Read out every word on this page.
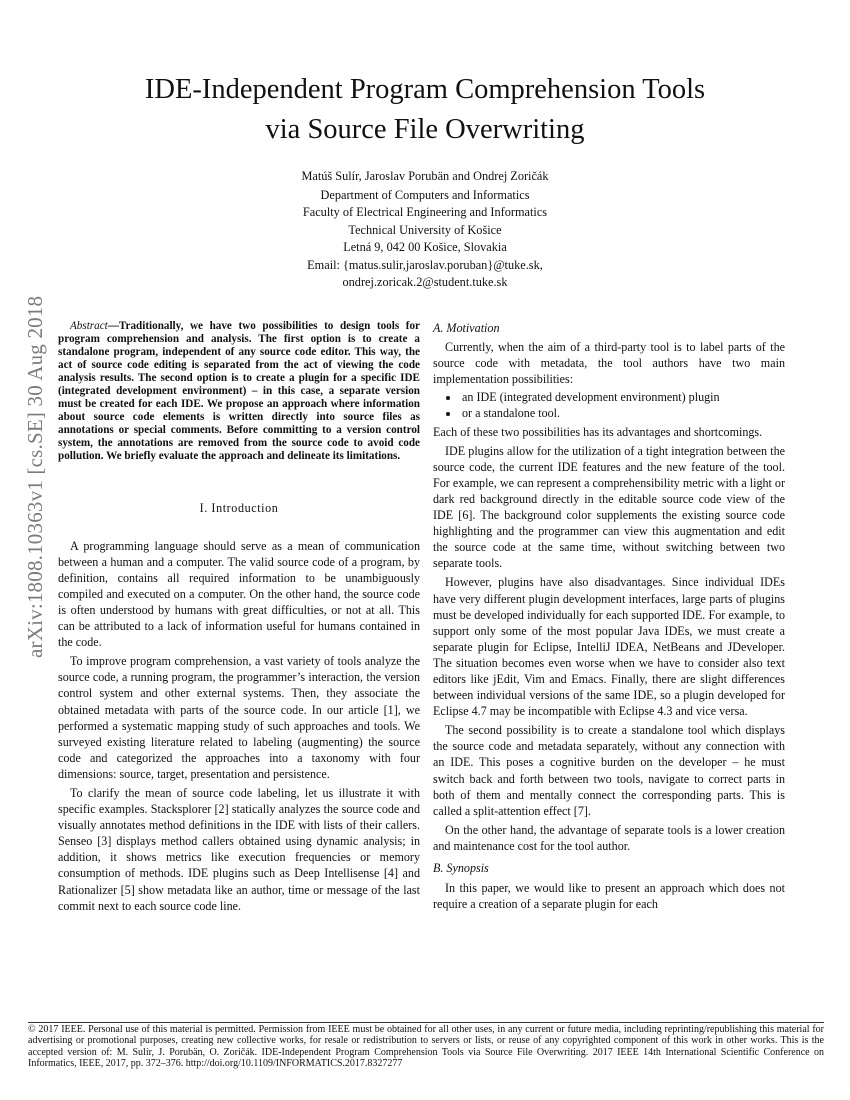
arXiv:1808.10363v1 [cs.SE] 30 Aug 2018
IDE-Independent Program Comprehension Tools
via Source File Overwriting
Matúš Sulír, Jaroslav Porubän and Ondrej Zoričák
Department of Computers and Informatics
Faculty of Electrical Engineering and Informatics
Technical University of Košice
Letná 9, 042 00 Košice, Slovakia
Email: {matus.sulir,jaroslav.poruban}@tuke.sk,
ondrej.zoricak.2@student.tuke.sk

Abstract—Traditionally, we have two possibilities to design tools for program comprehension and analysis. The first option is to create a standalone program, independent of any source code editor. This way, the act of source code editing is separated from the act of viewing the code analysis results. The second option is to create a plugin for a specific IDE (integrated development environment) – in this case, a separate version must be created for each IDE. We propose an approach where information about source code elements is written directly into source files as annotations or special comments. Before committing to a version control system, the annotations are removed from the source code to avoid code pollution. We briefly evaluate the approach and delineate its limitations.

I. Introduction

A programming language should serve as a mean of communication between a human and a computer. The valid source code of a program, by definition, contains all required information to be unambiguously compiled and executed on a computer. On the other hand, the source code is often understood by humans with great difficulties, or not at all. This can be attributed to a lack of information useful for humans contained in the code.

To improve program comprehension, a vast variety of tools analyze the source code, a running program, the programmer’s interaction, the version control system and other external systems. Then, they associate the obtained metadata with parts of the source code. In our article [1], we performed a systematic mapping study of such approaches and tools. We surveyed existing literature related to labeling (augmenting) the source code and categorized the approaches into a taxonomy with four dimensions: source, target, presentation and persistence.

To clarify the mean of source code labeling, let us illustrate it with specific examples. Stacksplorer [2] statically analyzes the source code and visually annotates method definitions in the IDE with lists of their callers. Senseo [3] displays method callers obtained using dynamic analysis; in addition, it shows metrics like execution frequencies or memory consumption of methods. IDE plugins such as Deep Intellisense [4] and Rationalizer [5] show metadata like an author, time or message of the last commit next to each source code line.

A. Motivation

Currently, when the aim of a third-party tool is to label parts of the source code with metadata, the tool authors have two main implementation possibilities:

• an IDE (integrated development environment) plugin
• or a standalone tool.

Each of these two possibilities has its advantages and shortcomings.

IDE plugins allow for the utilization of a tight integration between the source code, the current IDE features and the new feature of the tool. For example, we can represent a comprehensibility metric with a light or dark red background directly in the editable source code view of the IDE [6]. The background color supplements the existing source code highlighting and the programmer can view this augmentation and edit the source code at the same time, without switching between two separate tools.

However, plugins have also disadvantages. Since individual IDEs have very different plugin development interfaces, large parts of plugins must be developed individually for each supported IDE. For example, to support only some of the most popular Java IDEs, we must create a separate plugin for Eclipse, IntelliJ IDEA, NetBeans and JDeveloper. The situation becomes even worse when we have to consider also text editors like jEdit, Vim and Emacs. Finally, there are slight differences between individual versions of the same IDE, so a plugin developed for Eclipse 4.7 may be incompatible with Eclipse 4.3 and vice versa.

The second possibility is to create a standalone tool which displays the source code and metadata separately, without any connection with an IDE. This poses a cognitive burden on the developer – he must switch back and forth between two tools, navigate to correct parts in both of them and mentally connect the corresponding parts. This is called a split-attention effect [7].

On the other hand, the advantage of separate tools is a lower creation and maintenance cost for the tool author.

B. Synopsis

In this paper, we would like to present an approach which does not require a creation of a separate plugin for each

© 2017 IEEE. Personal use of this material is permitted. Permission from IEEE must be obtained for all other uses, in any current or future media, including reprinting/republishing this material for advertising or promotional purposes, creating new collective works, for resale or redistribution to servers or lists, or reuse of any copyrighted component of this work in other works. This is the accepted version of: M. Sulír, J. Porubän, O. Zoričák. IDE-Independent Program Comprehension Tools via Source File Overwriting. 2017 IEEE 14th International Scientific Conference on Informatics, IEEE, 2017, pp. 372–376. http://doi.org/10.1109/INFORMATICS.2017.8327277
